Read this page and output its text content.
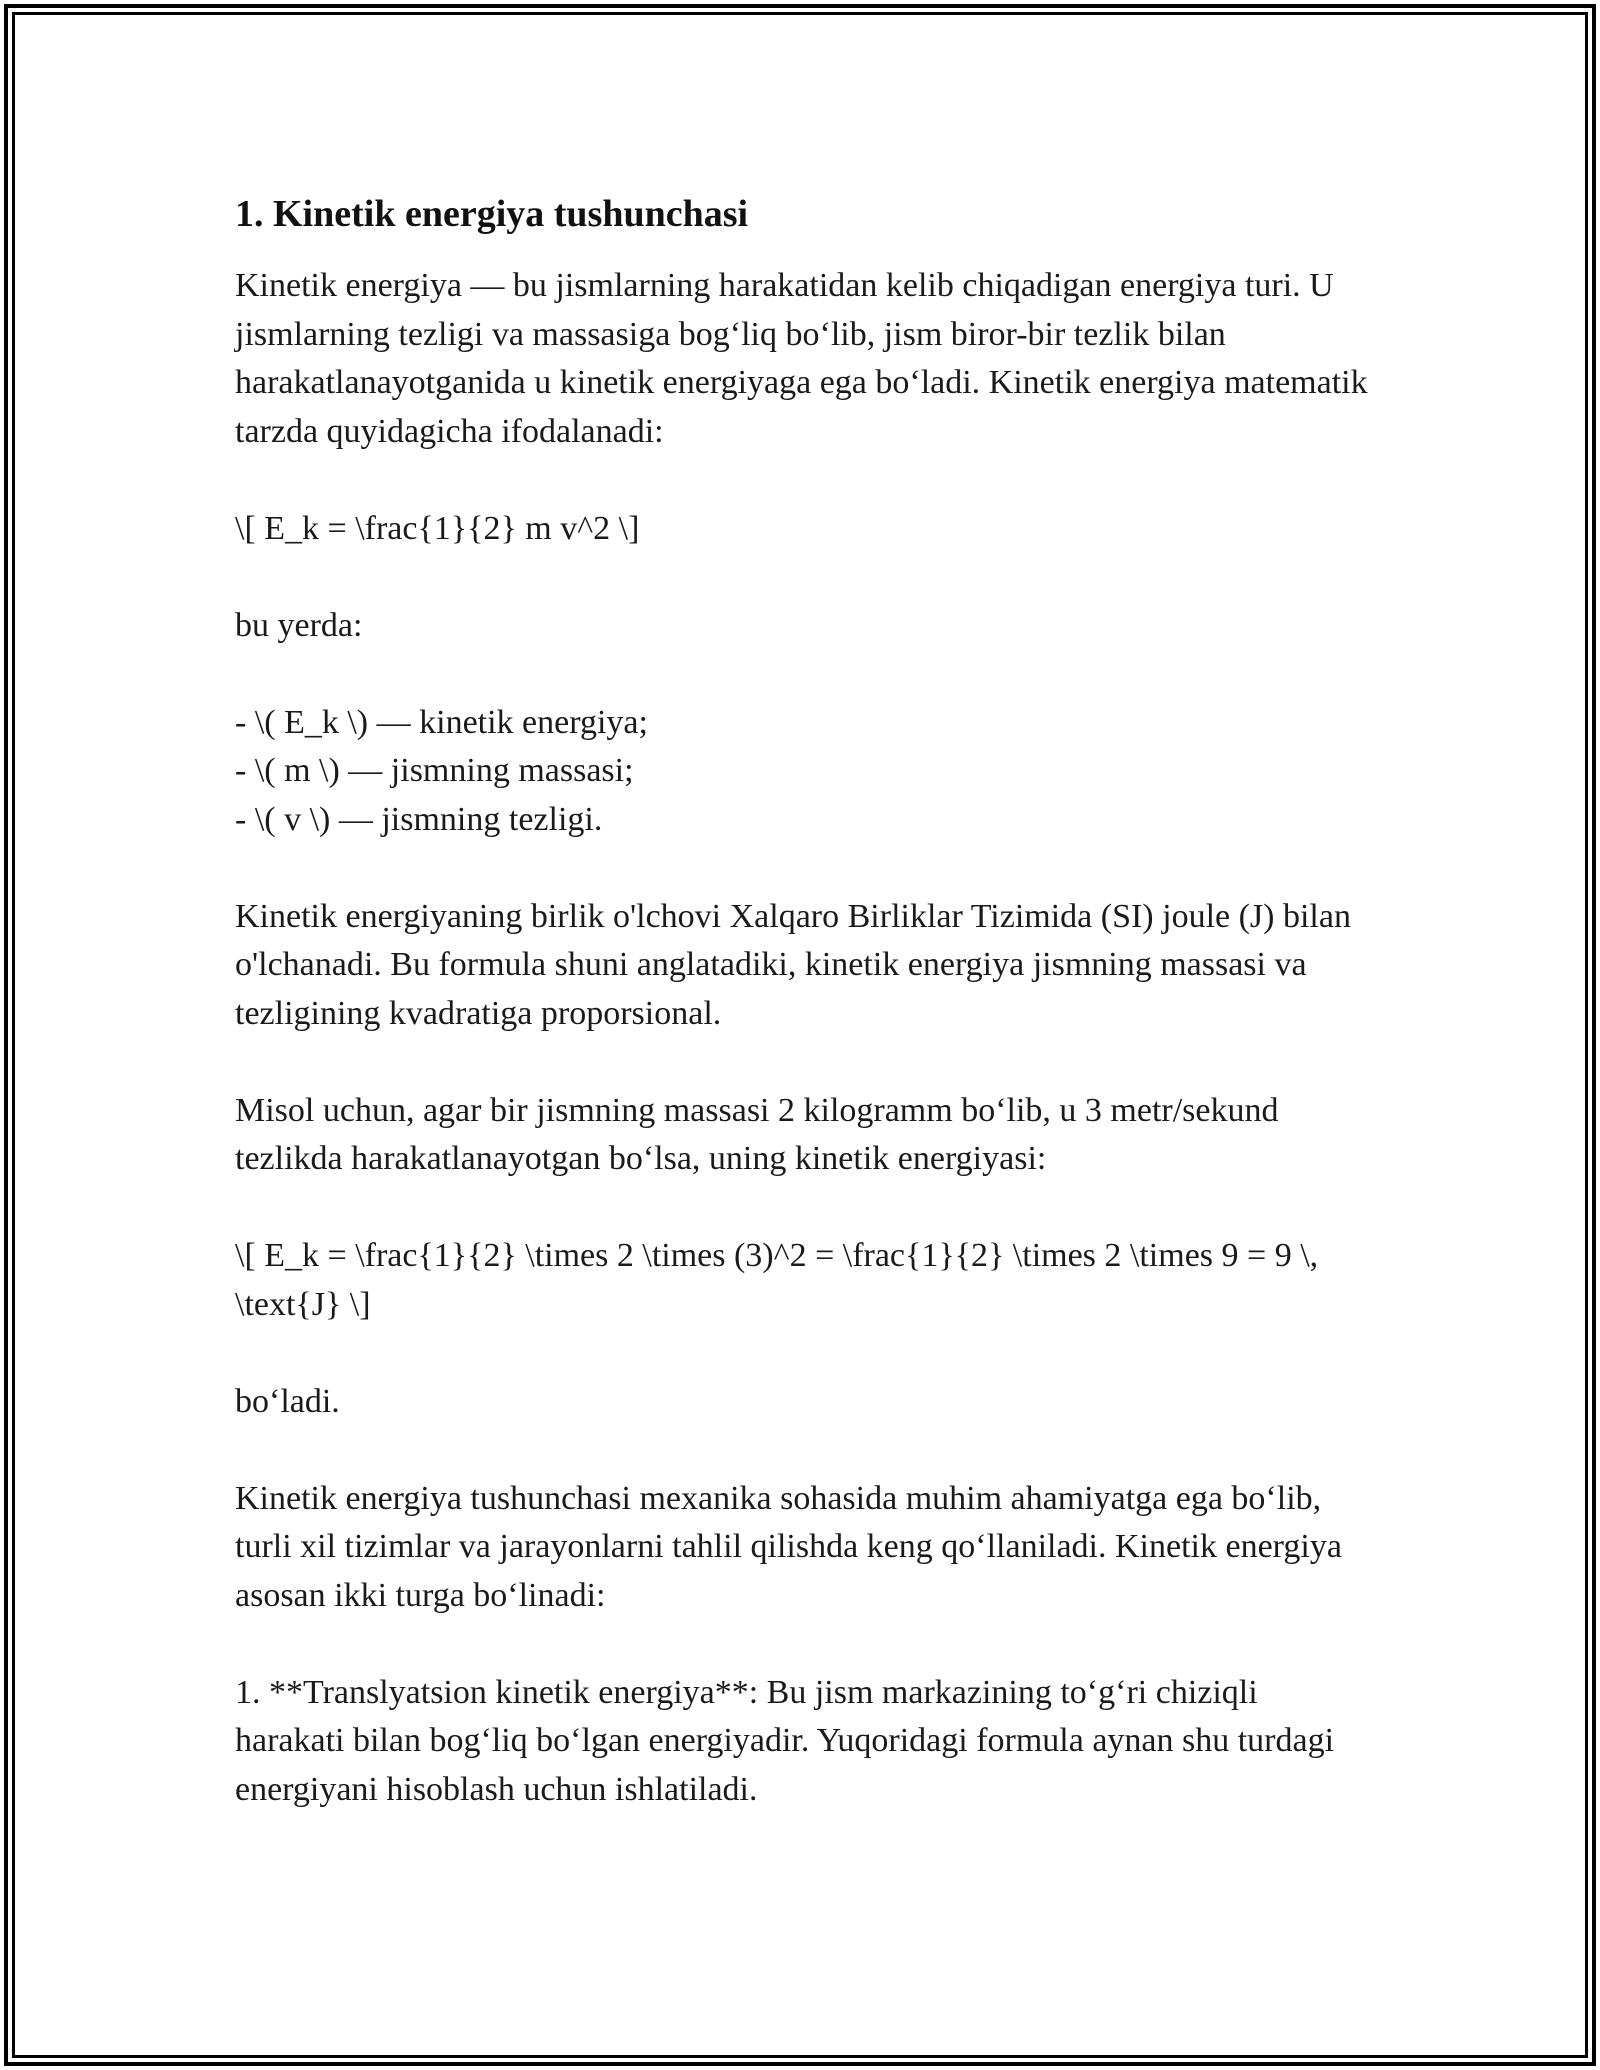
1. Kinetik energiya tushunchasi

Kinetik energiya — bu jismlarning harakatidan kelib chiqadigan energiya turi. U jismlarning tezligi va massasiga bog‘liq bo‘lib, jism biror-bir tezlik bilan harakatlanayotganida u kinetik energiyaga ega bo‘ladi. Kinetik energiya matematik tarzda quyidagicha ifodalanadi:

\[ E_k = \frac{1}{2} m v^2 \]

bu yerda:

- \( E_k \) — kinetik energiya;
- \( m \) — jismning massasi;
- \( v \) — jismning tezligi.

Kinetik energiyaning birlik o'lchovi Xalqaro Birliklar Tizimida (SI) joule (J) bilan o'lchanadi. Bu formula shuni anglatadiki, kinetik energiya jismning massasi va tezligining kvadratiga proporsional.

Misol uchun, agar bir jismning massasi 2 kilogramm bo‘lib, u 3 metr/sekund tezlikda harakatlanayotgan bo‘lsa, uning kinetik energiyasi:

\[ E_k = \frac{1}{2} \times 2 \times (3)^2 = \frac{1}{2} \times 2 \times 9 = 9 \, \text{J} \]

bo‘ladi.

Kinetik energiya tushunchasi mexanika sohasida muhim ahamiyatga ega bo‘lib, turli xil tizimlar va jarayonlarni tahlil qilishda keng qo‘llaniladi. Kinetik energiya asosan ikki turga bo‘linadi:

1. **Translyatsion kinetik energiya**: Bu jism markazining to‘g‘ri chiziqli harakati bilan bog‘liq bo‘lgan energiyadir. Yuqoridagi formula aynan shu turdagi energiyani hisoblash uchun ishlatiladi.
